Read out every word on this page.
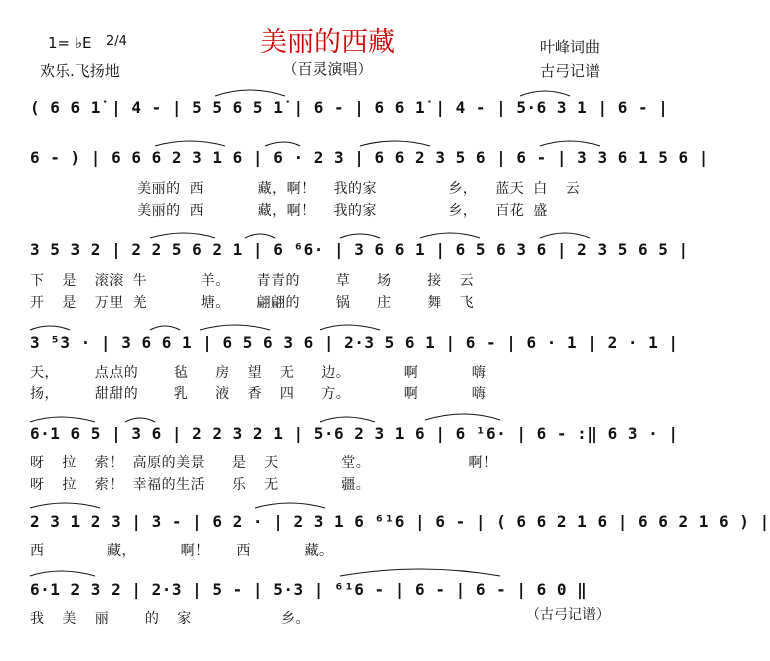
1= ♭E 2/4
欢乐.飞扬地
美丽的西藏
（百灵演唱）
叶峰词曲
古弓记谱
( 6 6 1̇ | 4 - | 5 5 6 5 1̇ | 6 - | 6 6 1̇ | 4 - | 5·6 3 1 | 6 - |
6 - ) | 6 6 6 2 3 1 6 | 6 · 2 3 | 6 6 2 3 5 6 | 6 - | 3 3 6 1 5 6 |
美丽的 西      藏，啊！  我的家        乡，  蓝天 白  云
美丽的 西      藏，啊！  我的家        乡，  百花 盛
3 5 3 2 | 2 2 5 6 2 1 | 6 ⁶6· | 3 6 6 1 | 6 5 6 3 6 | 2 3 5 6 5 |
下  是  滚滚 牛      羊。   青青的    草   场    接  云
开  是  万里 羌      塘。   翩翩的    锅   庄    舞  飞
3 ⁵3 · | 3 6 6 1 | 6 5 6 3 6 | 2·3 5 6 1 | 6 - | 6 · 1 | 2 · 1 |
天，    点点的    毡   房  望  无   边。      啊      嗨
扬，    甜甜的    乳   液  香  四   方。      啊      嗨
6·1 6 5 | 3 6 | 2 2 3 2 1 | 5·6 2 3 1 6 | 6 ¹6· | 6 - :‖ 6 3 · |
呀  拉  索！ 高原的美景   是  天       堂。           啊！
呀  拉  索！ 幸福的生活   乐  无       疆。
2 3 1 2 3 | 3 - | 6 2 · | 2 3 1 6 ⁶¹6 | 6 - | ( 6 6 2 1 6 | 6 6 2 1 6 ) |
西       藏，     啊！   西      藏。
6·1 2 3 2 | 2·3 | 5 - | 5·3 | ⁶¹6 - | 6 - | 6 - | 6 0 ‖
我  美  丽    的  家          乡。	（古弓记谱）
